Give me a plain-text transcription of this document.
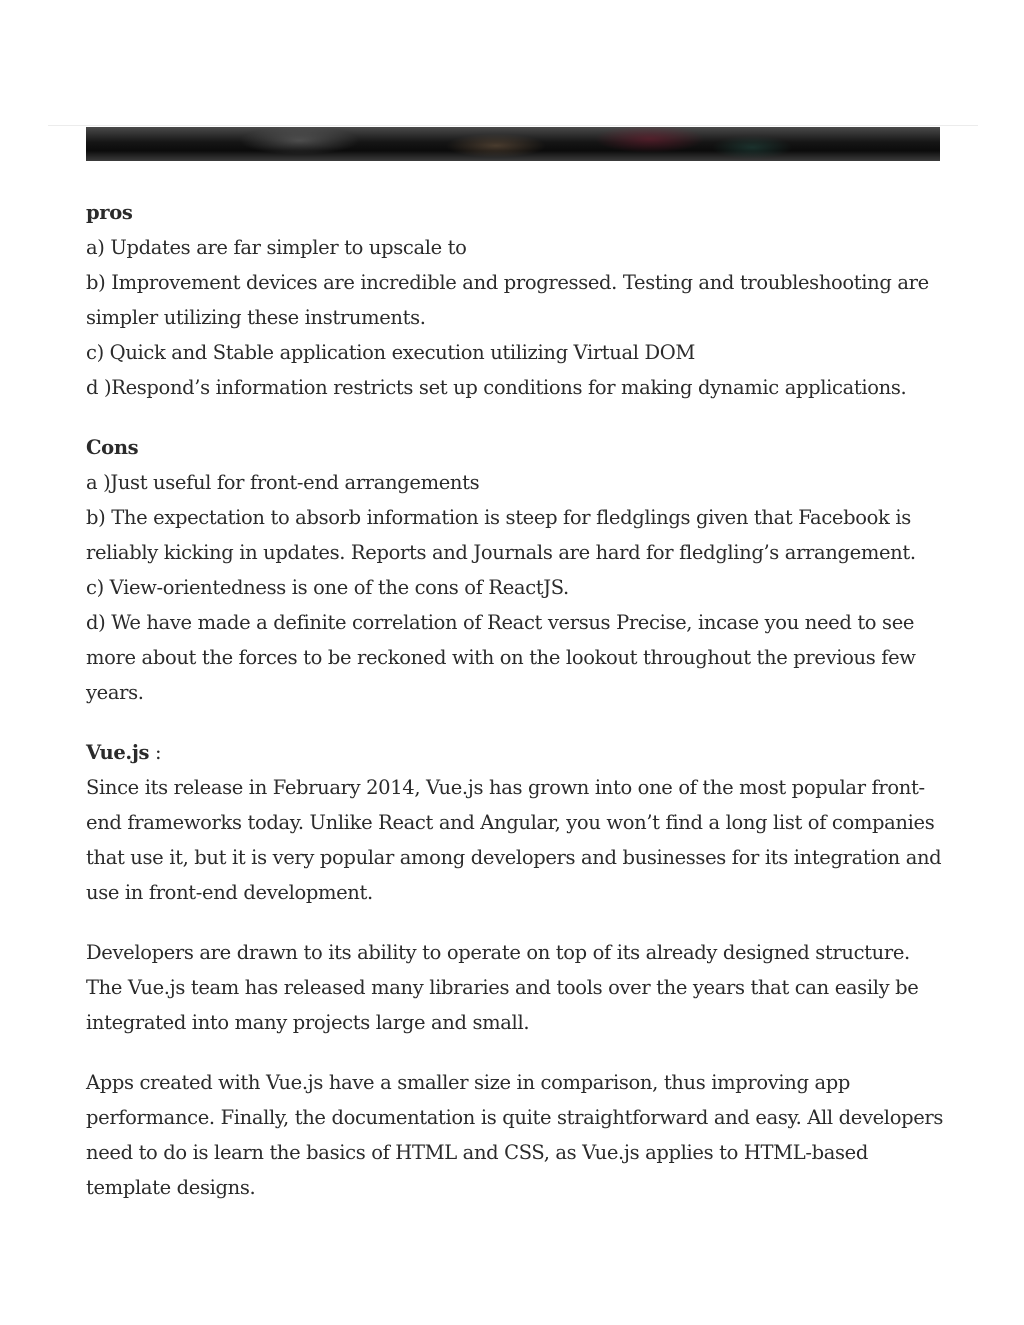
pros

a) Updates are far simpler to upscale to

b) Improvement devices are incredible and progressed. Testing and troubleshooting are simpler utilizing these instruments.

c) Quick and Stable application execution utilizing Virtual DOM

d )Respond’s information restricts set up conditions for making dynamic applications.

Cons

a )Just useful for front-end arrangements

b) The expectation to absorb information is steep for fledglings given that Facebook is reliably kicking in updates. Reports and Journals are hard for fledgling’s arrangement.

c) View-orientedness is one of the cons of ReactJS.

d) We have made a definite correlation of React versus Precise, incase you need to see more about the forces to be reckoned with on the lookout throughout the previous few years.

Vue.js :

Since its release in February 2014, Vue.js has grown into one of the most popular front-end frameworks today. Unlike React and Angular, you won’t find a long list of companies that use it, but it is very popular among developers and businesses for its integration and use in front-end development.

Developers are drawn to its ability to operate on top of its already designed structure. The Vue.js team has released many libraries and tools over the years that can easily be integrated into many projects large and small.

Apps created with Vue.js have a smaller size in comparison, thus improving app performance. Finally, the documentation is quite straightforward and easy. All developers need to do is learn the basics of HTML and CSS, as Vue.js applies to HTML-based template designs.
